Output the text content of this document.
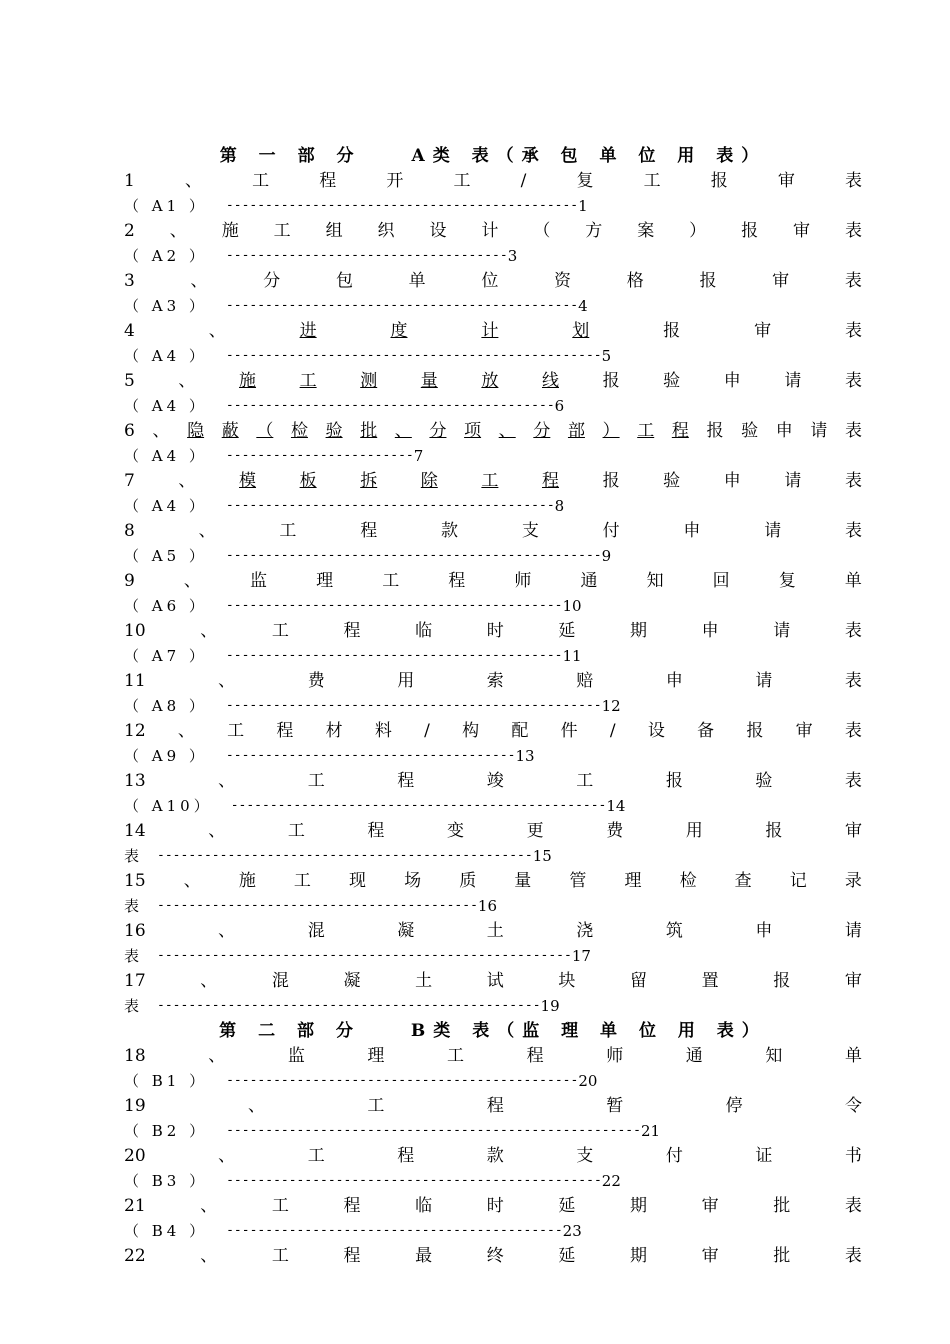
第 一 部 分　　A类 表（承 包 单 位 用 表）
1	、	工	程	开	工	/	复	工	报	审	表
（ A1 ） --------------------------------------------- 1
2 、 施 工 组 织 设 计 （ 方 案 ） 报 审 表
（ A2 ） ------------------------------------ 3
3	、	分	包	单	位	资	格	报	审	表
（ A3 ） --------------------------------------------- 4
4	、	进	度	计	划	报	审	表
（ A4 ） ------------------------------------------------ 5
5	、	施	工	测	量	放	线	报	验	申	请	表
（ A4 ） ------------------------------------------ 6
6 、 隐 蔽 （ 检 验 批 、 分 项 、 分 部 ） 工 程 报 验 申 请 表
（ A4 ） ------------------------ 7
7	、	模	板	拆	除	工	程	报	验	申	请	表
（ A4 ） ------------------------------------------ 8
8	、	工	程	款	支	付	申	请	表
（ A5 ） ------------------------------------------------ 9
9	、	监	理	工	程	师	通	知	回	复	单
（ A6 ） ------------------------------------------- 10
10	、	工	程	临	时	延	期	申	请	表
（ A7 ） ------------------------------------------- 11
11	、	费	用	索	赔	申	请	表
（ A8 ） ------------------------------------------------ 12
12 、 工 程 材 料 / 构 配 件 / 设 备 报 审 表
（ A9 ） ------------------------------------- 13
13	、	工	程	竣	工	报	验	表
（ A10） ------------------------------------------------ 14
14	、	工	程	变	更	费	用	报	审
表 ------------------------------------------------ 15
15 、 施 工 现 场 质 量 管 理 检 查 记 录
表 ----------------------------------------- 16
16	、	混	凝	土	浇	筑	申	请
表 ----------------------------------------------------- 17
17	、	混	凝	土	试	块	留	置	报	审
表 ------------------------------------------------- 19
第 二 部 分　　B类 表（监 理 单 位 用 表）
18	、	监	理	工	程	师	通	知	单
（ B1 ） --------------------------------------------- 20
19	、	工	程	暂	停	令
（ B2 ） ----------------------------------------------------- 21
20	、	工	程	款	支	付	证	书
（ B3 ） ------------------------------------------------ 22
21	、	工	程	临	时	延	期	审	批	表
（ B4 ） ------------------------------------------- 23
22	、	工	程	最	终	延	期	审	批	表
